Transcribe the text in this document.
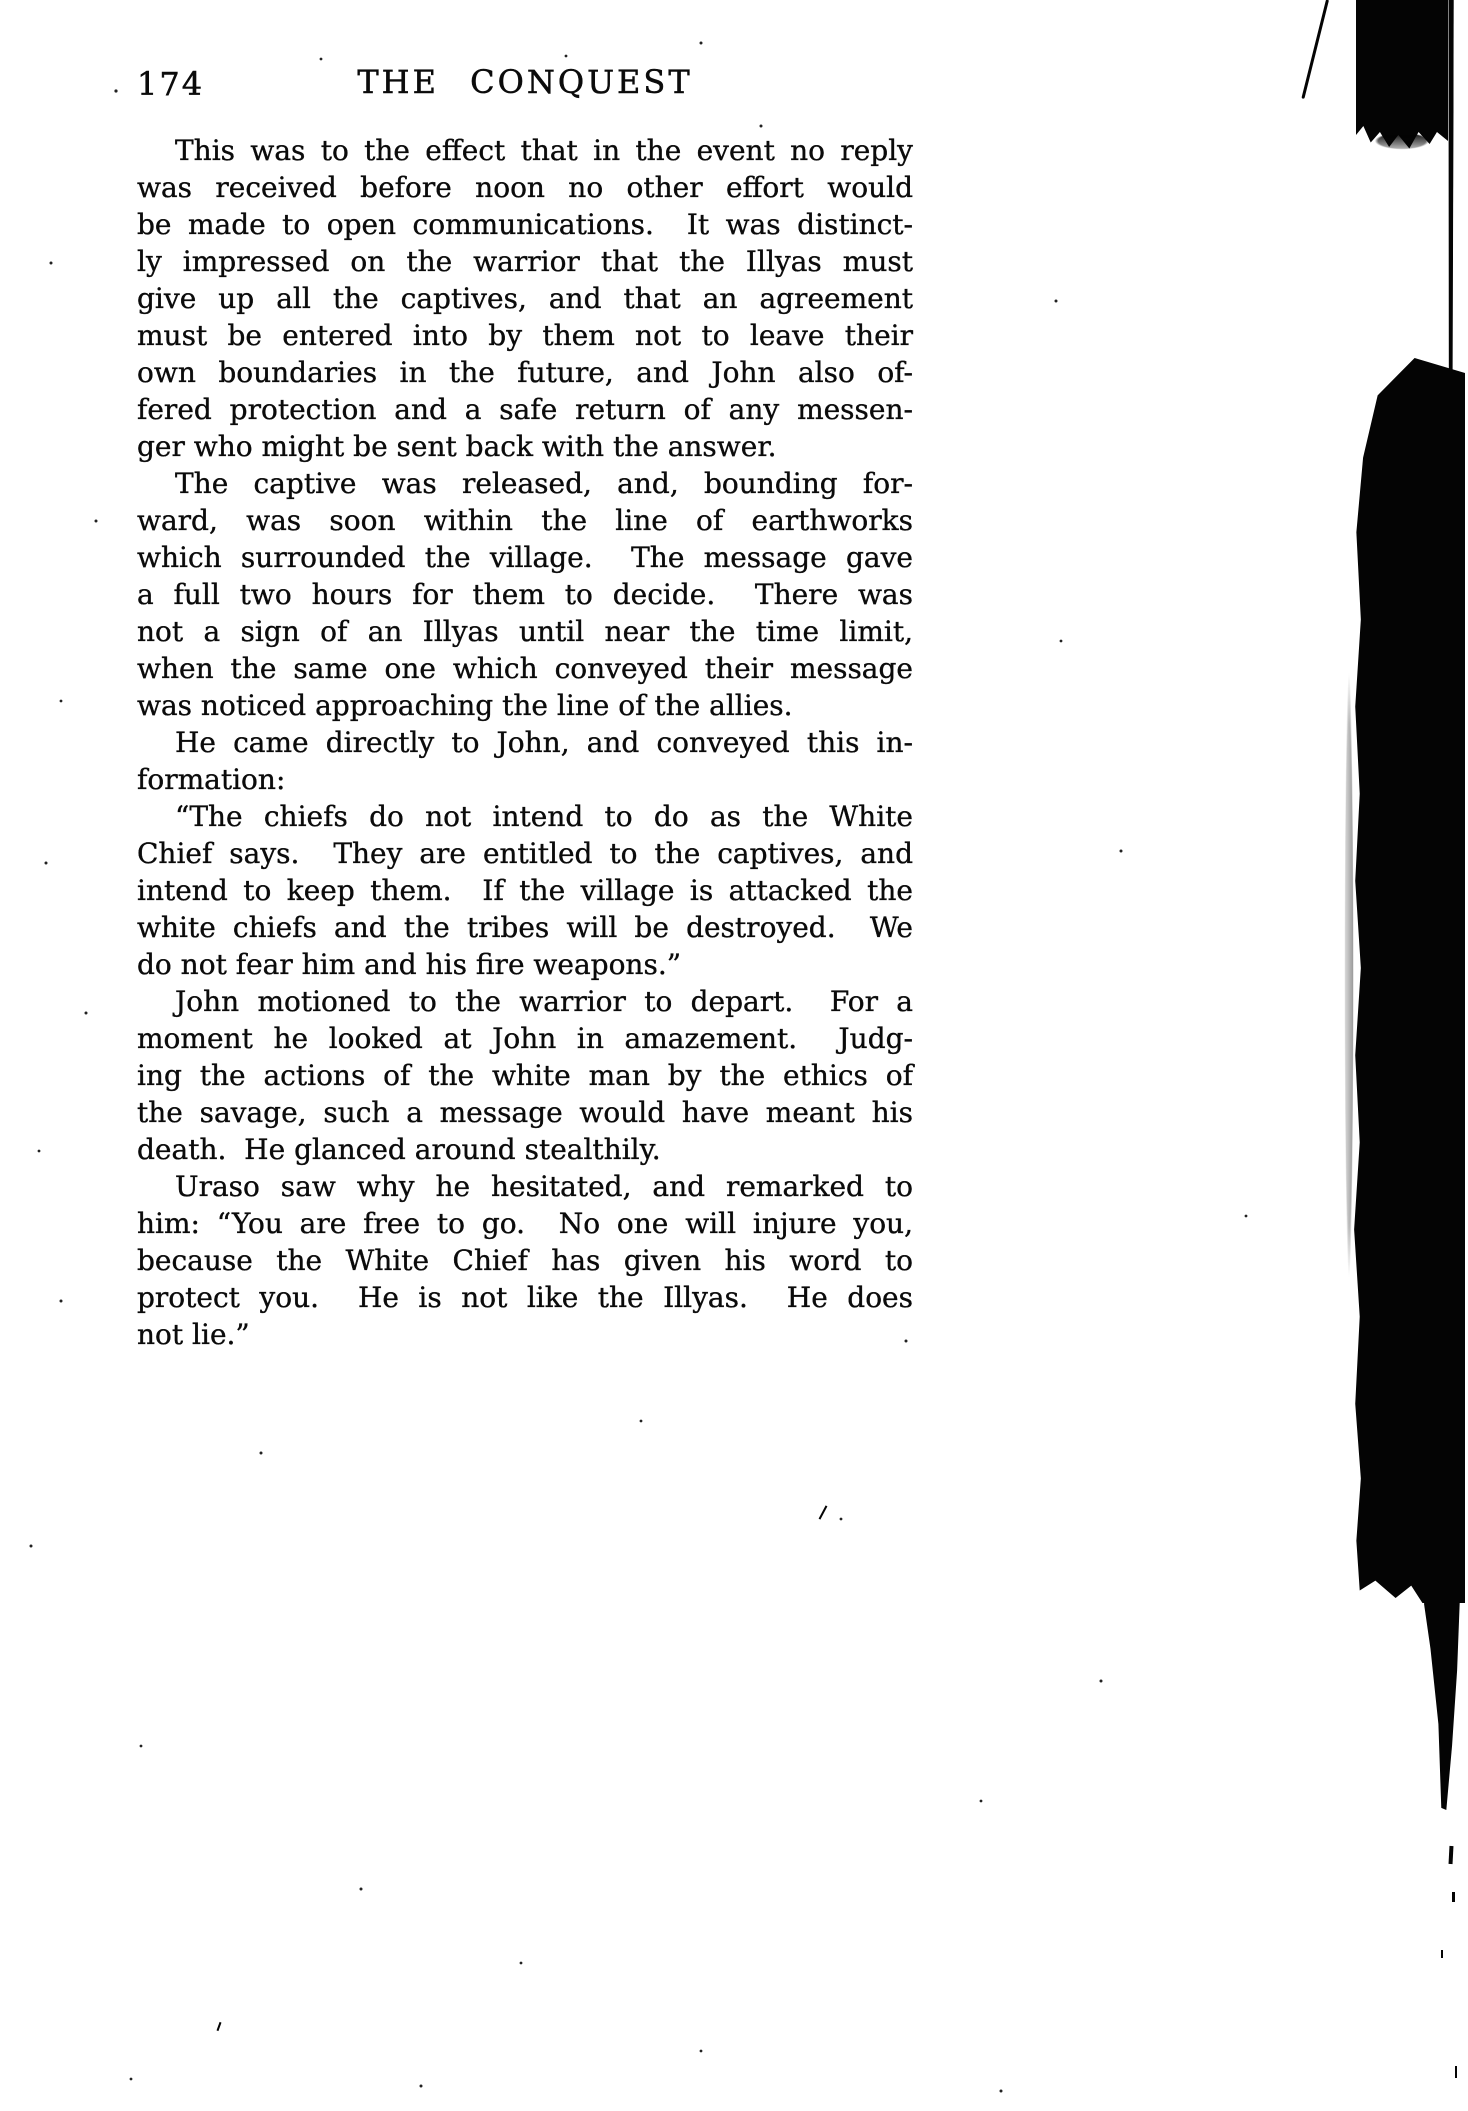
174	THE CONQUEST
This was to the effect that in the event no reply
was received before noon no other effort would
be made to open communications.  It was distinct-
ly impressed on the warrior that the Illyas must
give up all the captives, and that an agreement
must be entered into by them not to leave their
own boundaries in the future, and John also of-
fered protection and a safe return of any messen-
ger who might be sent back with the answer.
The captive was released, and, bounding for-
ward, was soon within the line of earthworks
which surrounded the village.  The message gave
a full two hours for them to decide.  There was
not a sign of an Illyas until near the time limit,
when the same one which conveyed their message
was noticed approaching the line of the allies.
He came directly to John, and conveyed this in-
formation:
“The chiefs do not intend to do as the White
Chief says.  They are entitled to the captives, and
intend to keep them.  If the village is attacked the
white chiefs and the tribes will be destroyed.  We
do not fear him and his fire weapons.”
John motioned to the warrior to depart.  For a
moment he looked at John in amazement.  Judg-
ing the actions of the white man by the ethics of
the savage, such a message would have meant his
death.  He glanced around stealthily.
Uraso saw why he hesitated, and remarked to
him: “You are free to go.  No one will injure you,
because the White Chief has given his word to
protect you.  He is not like the Illyas.  He does
not lie.”
